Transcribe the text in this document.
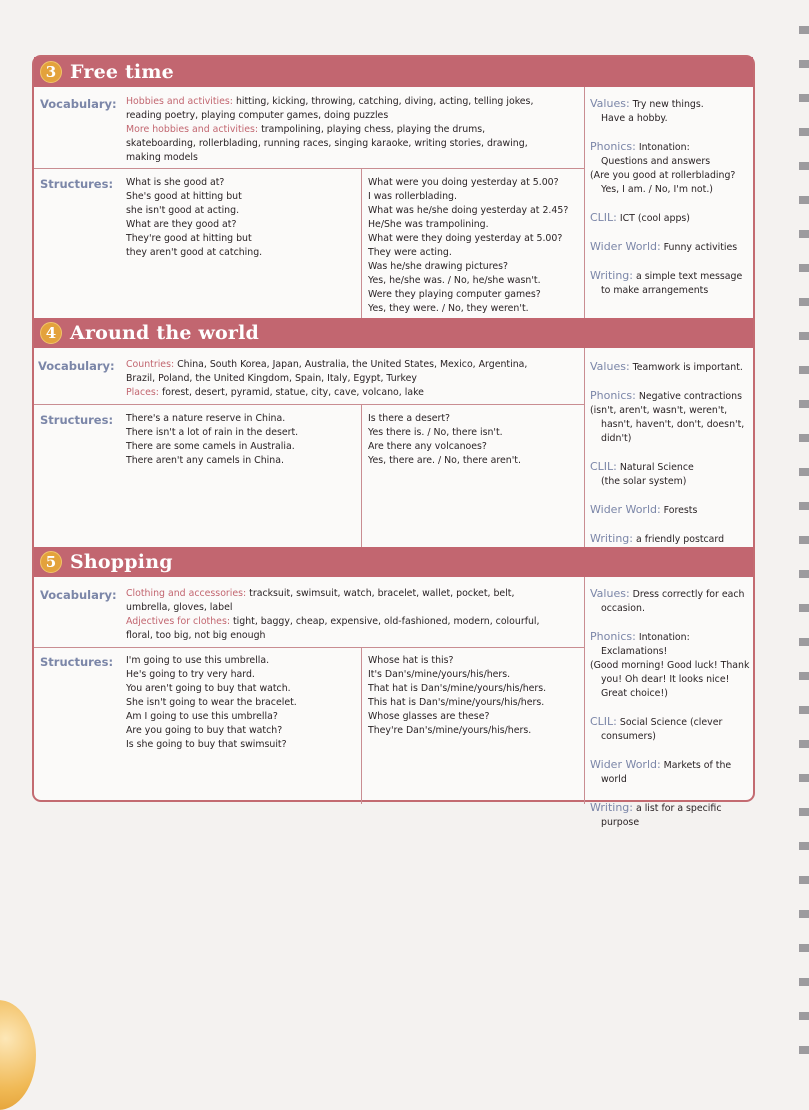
3 Free time
Vocabulary: Hobbies and activities: hitting, kicking, throwing, catching, diving, acting, telling jokes,
reading poetry, playing computer games, doing puzzles
More hobbies and activities: trampolining, playing chess, playing the drums,
skateboarding, rollerblading, running races, singing karaoke, writing stories, drawing,
making models
Structures: What is she good at?
She's good at hitting but
she isn't good at acting.
What are they good at?
They're good at hitting but
they aren't good at catching.
What were you doing yesterday at 5.00?
I was rollerblading.
What was he/she doing yesterday at 2.45?
He/She was trampolining.
What were they doing yesterday at 5.00?
They were acting.
Was he/she drawing pictures?
Yes, he/she was. / No, he/she wasn't.
Were they playing computer games?
Yes, they were. / No, they weren't.
Values: Try new things.
Have a hobby.
Phonics: Intonation:
Questions and answers
(Are you good at rollerblading?
Yes, I am. / No, I'm not.)
CLIL: ICT (cool apps)
Wider World: Funny activities
Writing: a simple text message
to make arrangements
4 Around the world
Vocabulary: Countries: China, South Korea, Japan, Australia, the United States, Mexico, Argentina,
Brazil, Poland, the United Kingdom, Spain, Italy, Egypt, Turkey
Places: forest, desert, pyramid, statue, city, cave, volcano, lake
Structures: There's a nature reserve in China.
There isn't a lot of rain in the desert.
There are some camels in Australia.
There aren't any camels in China.
Is there a desert?
Yes there is. / No, there isn't.
Are there any volcanoes?
Yes, there are. / No, there aren't.
Values: Teamwork is important.
Phonics: Negative contractions
(isn't, aren't, wasn't, weren't,
hasn't, haven't, don't, doesn't,
didn't)
CLIL: Natural Science
(the solar system)
Wider World: Forests
Writing: a friendly postcard
5 Shopping
Vocabulary: Clothing and accessories: tracksuit, swimsuit, watch, bracelet, wallet, pocket, belt,
umbrella, gloves, label
Adjectives for clothes: tight, baggy, cheap, expensive, old-fashioned, modern, colourful,
floral, too big, not big enough
Structures: I'm going to use this umbrella.
He's going to try very hard.
You aren't going to buy that watch.
She isn't going to wear the bracelet.
Am I going to use this umbrella?
Are you going to buy that watch?
Is she going to buy that swimsuit?
Whose hat is this?
It's Dan's/mine/yours/his/hers.
That hat is Dan's/mine/yours/his/hers.
This hat is Dan's/mine/yours/his/hers.
Whose glasses are these?
They're Dan's/mine/yours/his/hers.
Values: Dress correctly for each
occasion.
Phonics: Intonation:
Exclamations!
(Good morning! Good luck! Thank
you! Oh dear! It looks nice!
Great choice!)
CLIL: Social Science (clever
consumers)
Wider World: Markets of the
world
Writing: a list for a specific
purpose
